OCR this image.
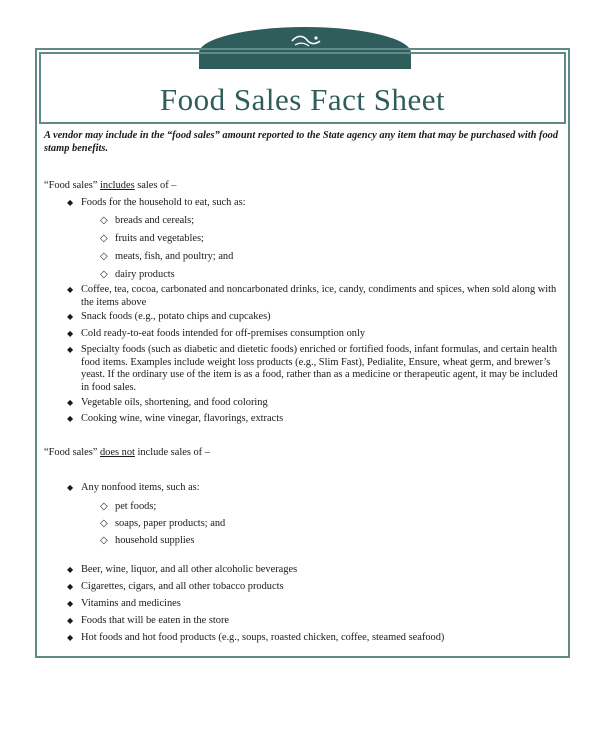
Food Sales Fact Sheet

A vendor may include in the “food sales” amount reported to the State agency any item that may be purchased with food stamp benefits.

“Food sales” includes sales of –
◆ Foods for the household to eat, such as:
◇ breads and cereals;
◇ fruits and vegetables;
◇ meats, fish, and poultry; and
◇ dairy products
◆ Coffee, tea, cocoa, carbonated and noncarbonated drinks, ice, candy, condiments and spices, when sold along with the items above
◆ Snack foods (e.g., potato chips and cupcakes)
◆ Cold ready-to-eat foods intended for off-premises consumption only
◆ Specialty foods (such as diabetic and dietetic foods) enriched or fortified foods, infant formulas, and certain health food items. Examples include weight loss products (e.g., Slim Fast), Pedialite, Ensure, wheat germ, and brewer’s yeast. If the ordinary use of the item is as a food, rather than as a medicine or therapeutic agent, it may be included in food sales.
◆ Vegetable oils, shortening, and food coloring
◆ Cooking wine, wine vinegar, flavorings, extracts
“Food sales” does not include sales of –
◆ Any nonfood items, such as:
◇ pet foods;
◇ soaps, paper products; and
◇ household supplies
◆ Beer, wine, liquor, and all other alcoholic beverages
◆ Cigarettes, cigars, and all other tobacco products
◆ Vitamins and medicines
◆ Foods that will be eaten in the store
◆ Hot foods and hot food products (e.g., soups, roasted chicken, coffee, steamed seafood)
